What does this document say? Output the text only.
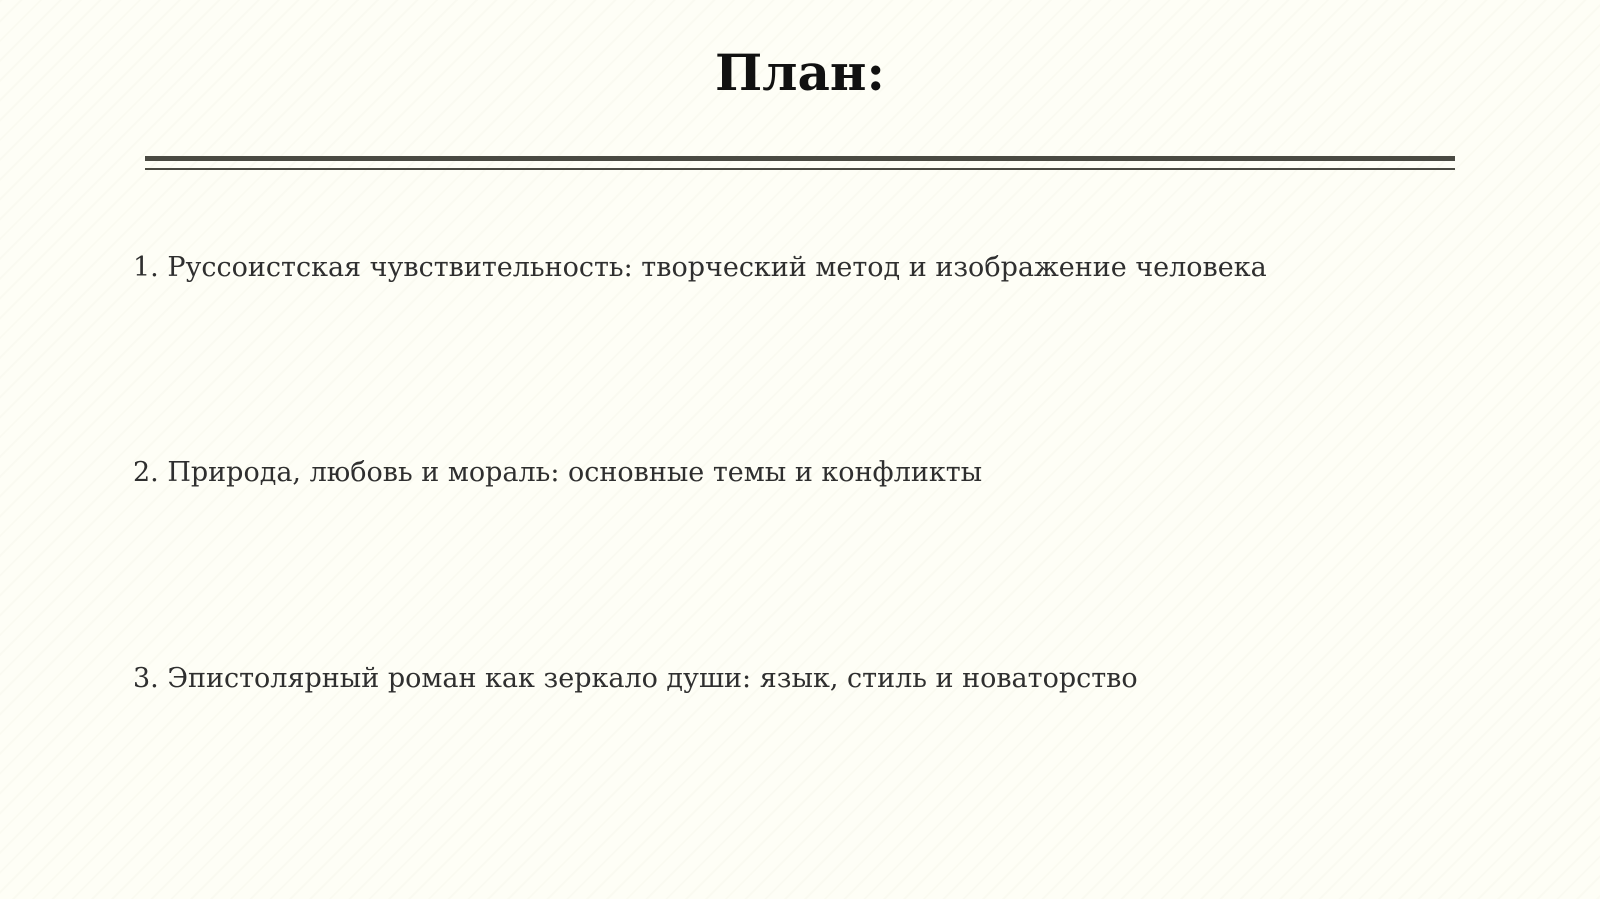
План:
1. Руссоистская чувствительность: творческий метод и изображение человека
2. Природа, любовь и мораль: основные темы и конфликты
3. Эпистолярный роман как зеркало души: язык, стиль и новаторство
